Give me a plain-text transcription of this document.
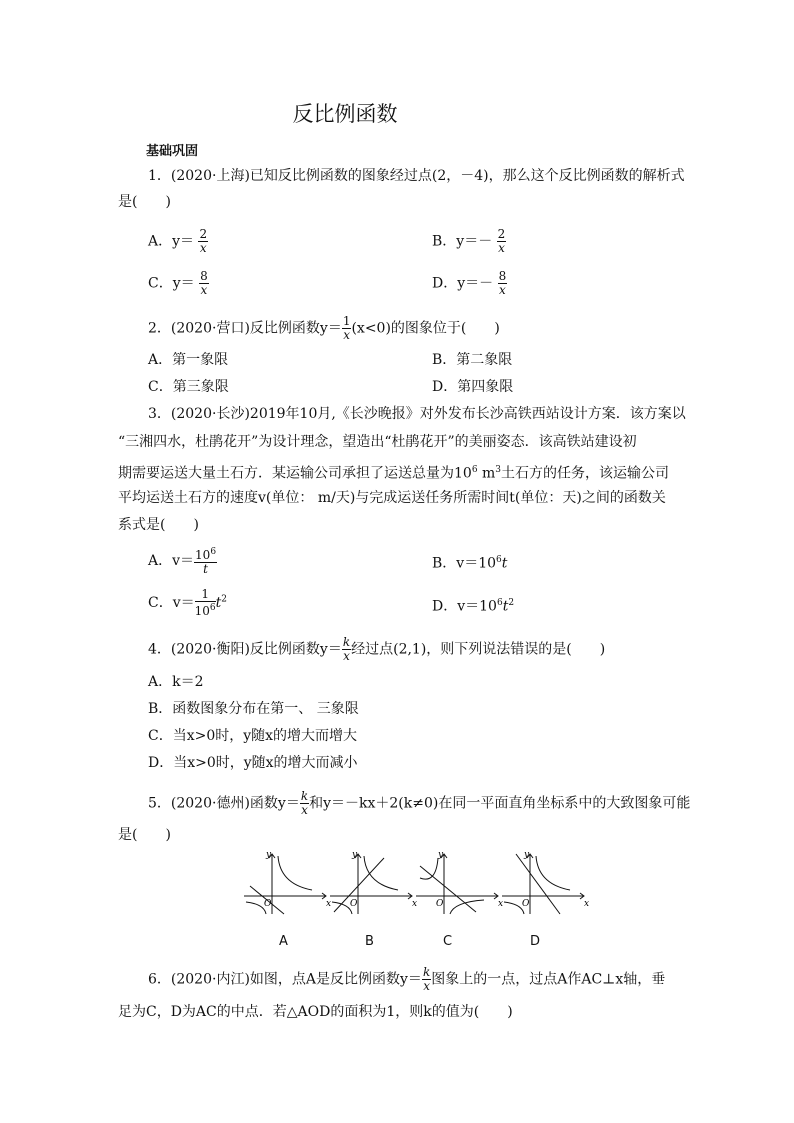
反比例函数
基础巩固
1．(2020·上海)已知反比例函数的图象经过点(2，－4)，那么这个反比例函数的解析式
是(　　)
A．$y= \frac{2}{x}$	B．$y=- \frac{2}{x}$
C．$y= \frac{8}{x}$	D．$y=- \frac{8}{x}$
2．(2020·营口)反比例函数$y= \frac{1}{x} (x<0)$的图象位于(　　)
A．第一象限	B．第二象限
C．第三象限	D．第四象限
3．(2020·长沙)2019年10月,《长沙晚报》对外发布长沙高铁西站设计方案．该方案以
“三湘四水，杜鹃花开”为设计理念，望造出“杜鹃花开”的美丽姿态．该高铁站建设初
期需要运送大量土石方．某运输公司承担了运送总量为$10^6$ $m^3$土石方的任务，该运输公司
平均运送土石方的速度v(单位： m/天)与完成运送任务所需时间t(单位：天)之间的函数关
系式是(　　)
A．$v= \frac{10^6}{t}$	B．$v=10^6t$
C．$v= \frac{1}{10^6} t^2$	D．$v=10^6t^2$
4．(2020·衡阳)反比例函数$y= \frac{k}{x}$ 经过点(2,1)，则下列说法错误的是(　　)
A．k＝2
B．函数图象分布在第一、 三象限
C．当x>0时，y随x的增大而增大
D．当x>0时，y随x的增大而减小
5．(2020·德州)函数$y= \frac{k}{x}$ 和y＝－kx＋2(k≠0)在同一平面直角坐标系中的大致图象可能
是(　　)
y
x
O
A
y
x
O
B
y
x
O
C
y
x
O
D
6．(2020·内江)如图，点A是反比例函数$y= \frac{k}{x}$ 图象上的一点，过点A作AC⊥x轴，垂
足为C，D为AC的中点．若△AOD的面积为1，则k的值为(　　)
